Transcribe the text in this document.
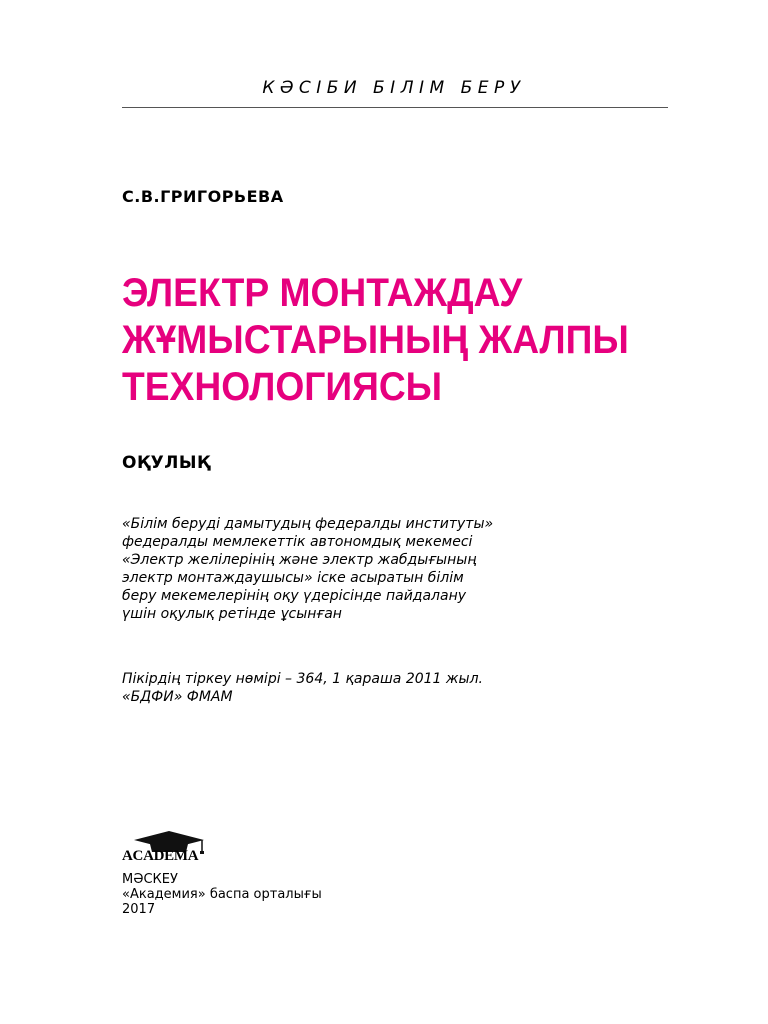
КӘСІБИ БІЛІМ БЕРУ
С.В.ГРИГОРЬЕВА
ЭЛЕКТР МОНТАЖДАУ
ЖҰМЫСТАРЫНЫҢ ЖАЛПЫ
ТЕХНОЛОГИЯСЫ
ОҚУЛЫҚ
«Білім беруді дамытудың федералды институты»
федералды мемлекеттік автономдық мекемесі
«Электр желілерінің және электр жабдығының
электр монтаждаушысы» іске асыратын білім
беру мекемелерінің оқу үдерісінде пайдалану
үшін оқулық ретінде ұсынған
Пікірдің тіркеу нөмірі – 364, 1 қараша 2011 жыл.
«БДФИ» ФМАМ
ACADEMA
МӘСКЕУ
«Академия» баспа орталығы
2017
